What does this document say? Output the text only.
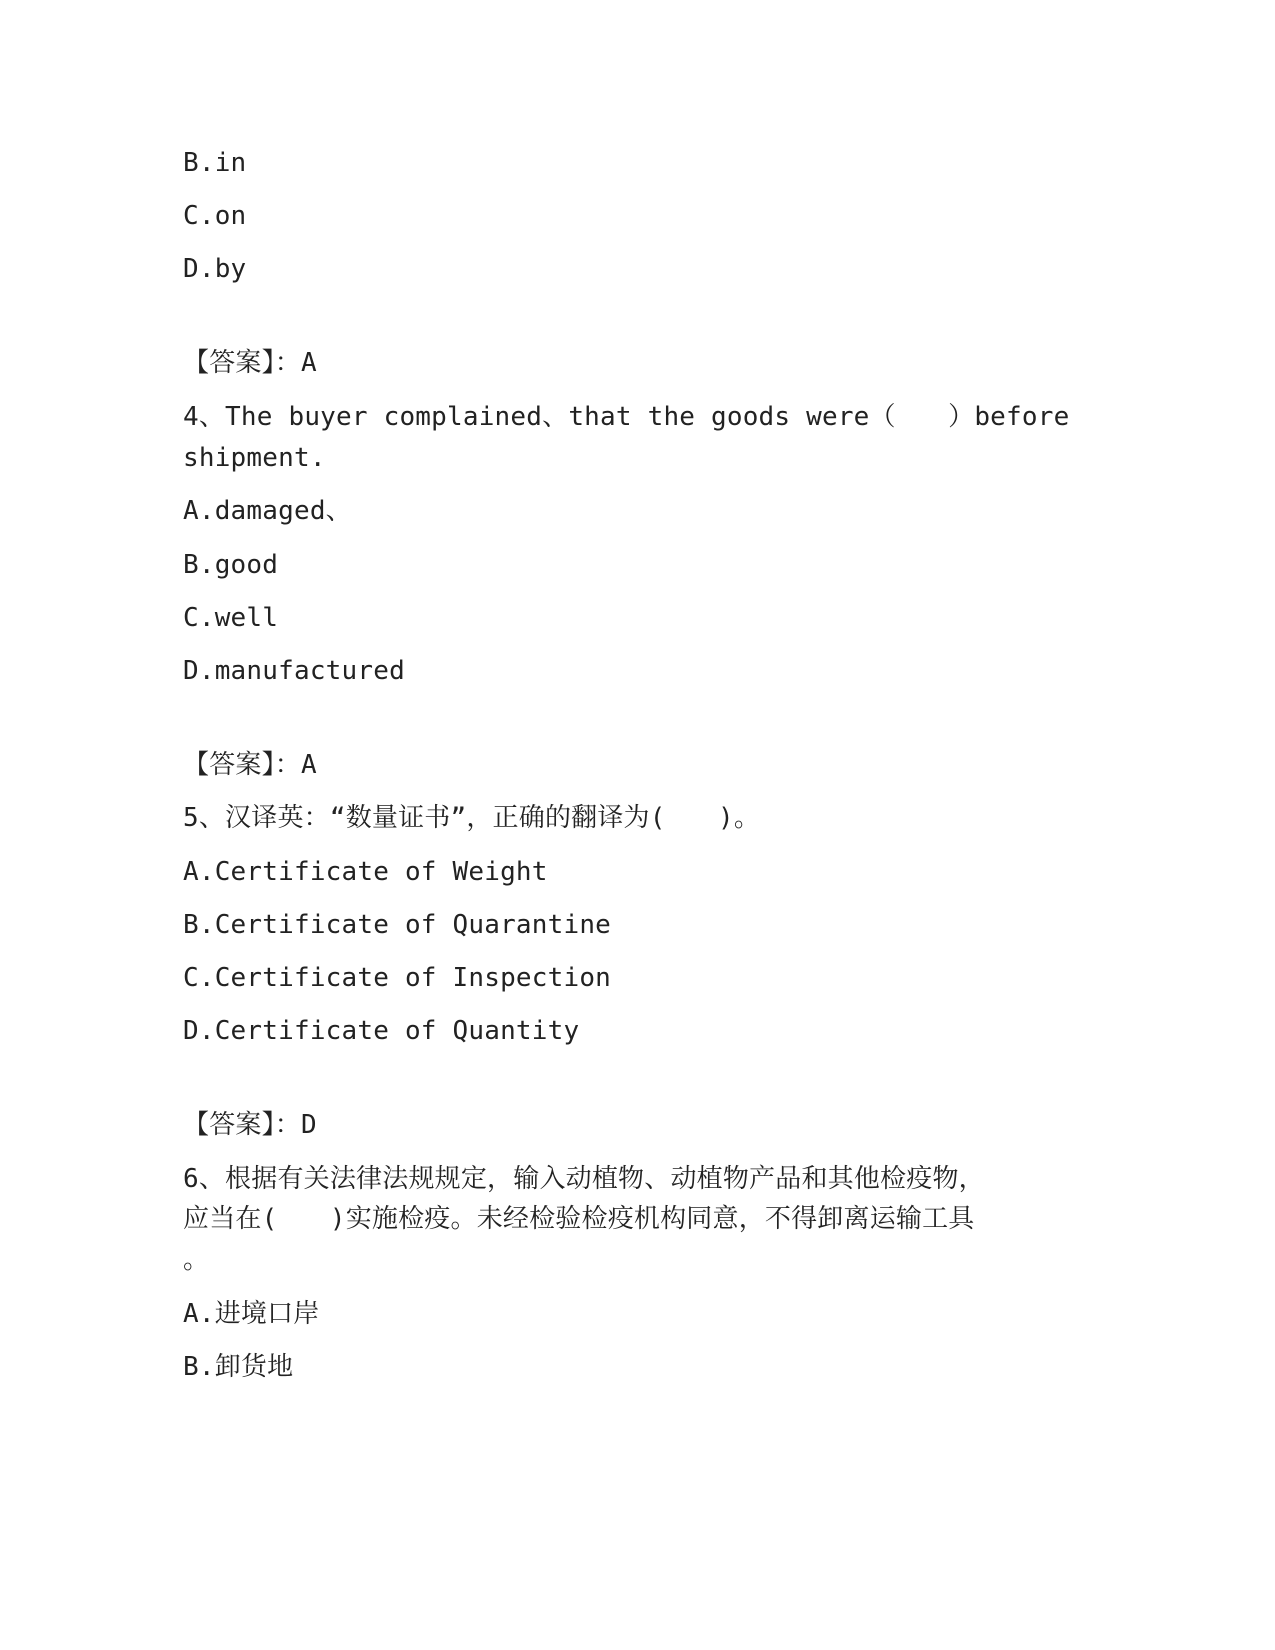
B.in
C.on
D.by
【答案】：A
4、The buyer complained、that the goods were（　　）before
shipment.
A.damaged、
B.good
C.well
D.manufactured
【答案】：A
5、汉译英：“数量证书”，正确的翻译为(　　)。
A.Certificate of Weight
B.Certificate of Quarantine
C.Certificate of Inspection
D.Certificate of Quantity
【答案】：D
6、根据有关法律法规规定，输入动植物、动植物产品和其他检疫物，
应当在(　　)实施检疫。未经检验检疫机构同意，不得卸离运输工具
。
A.进境口岸
B.卸货地
